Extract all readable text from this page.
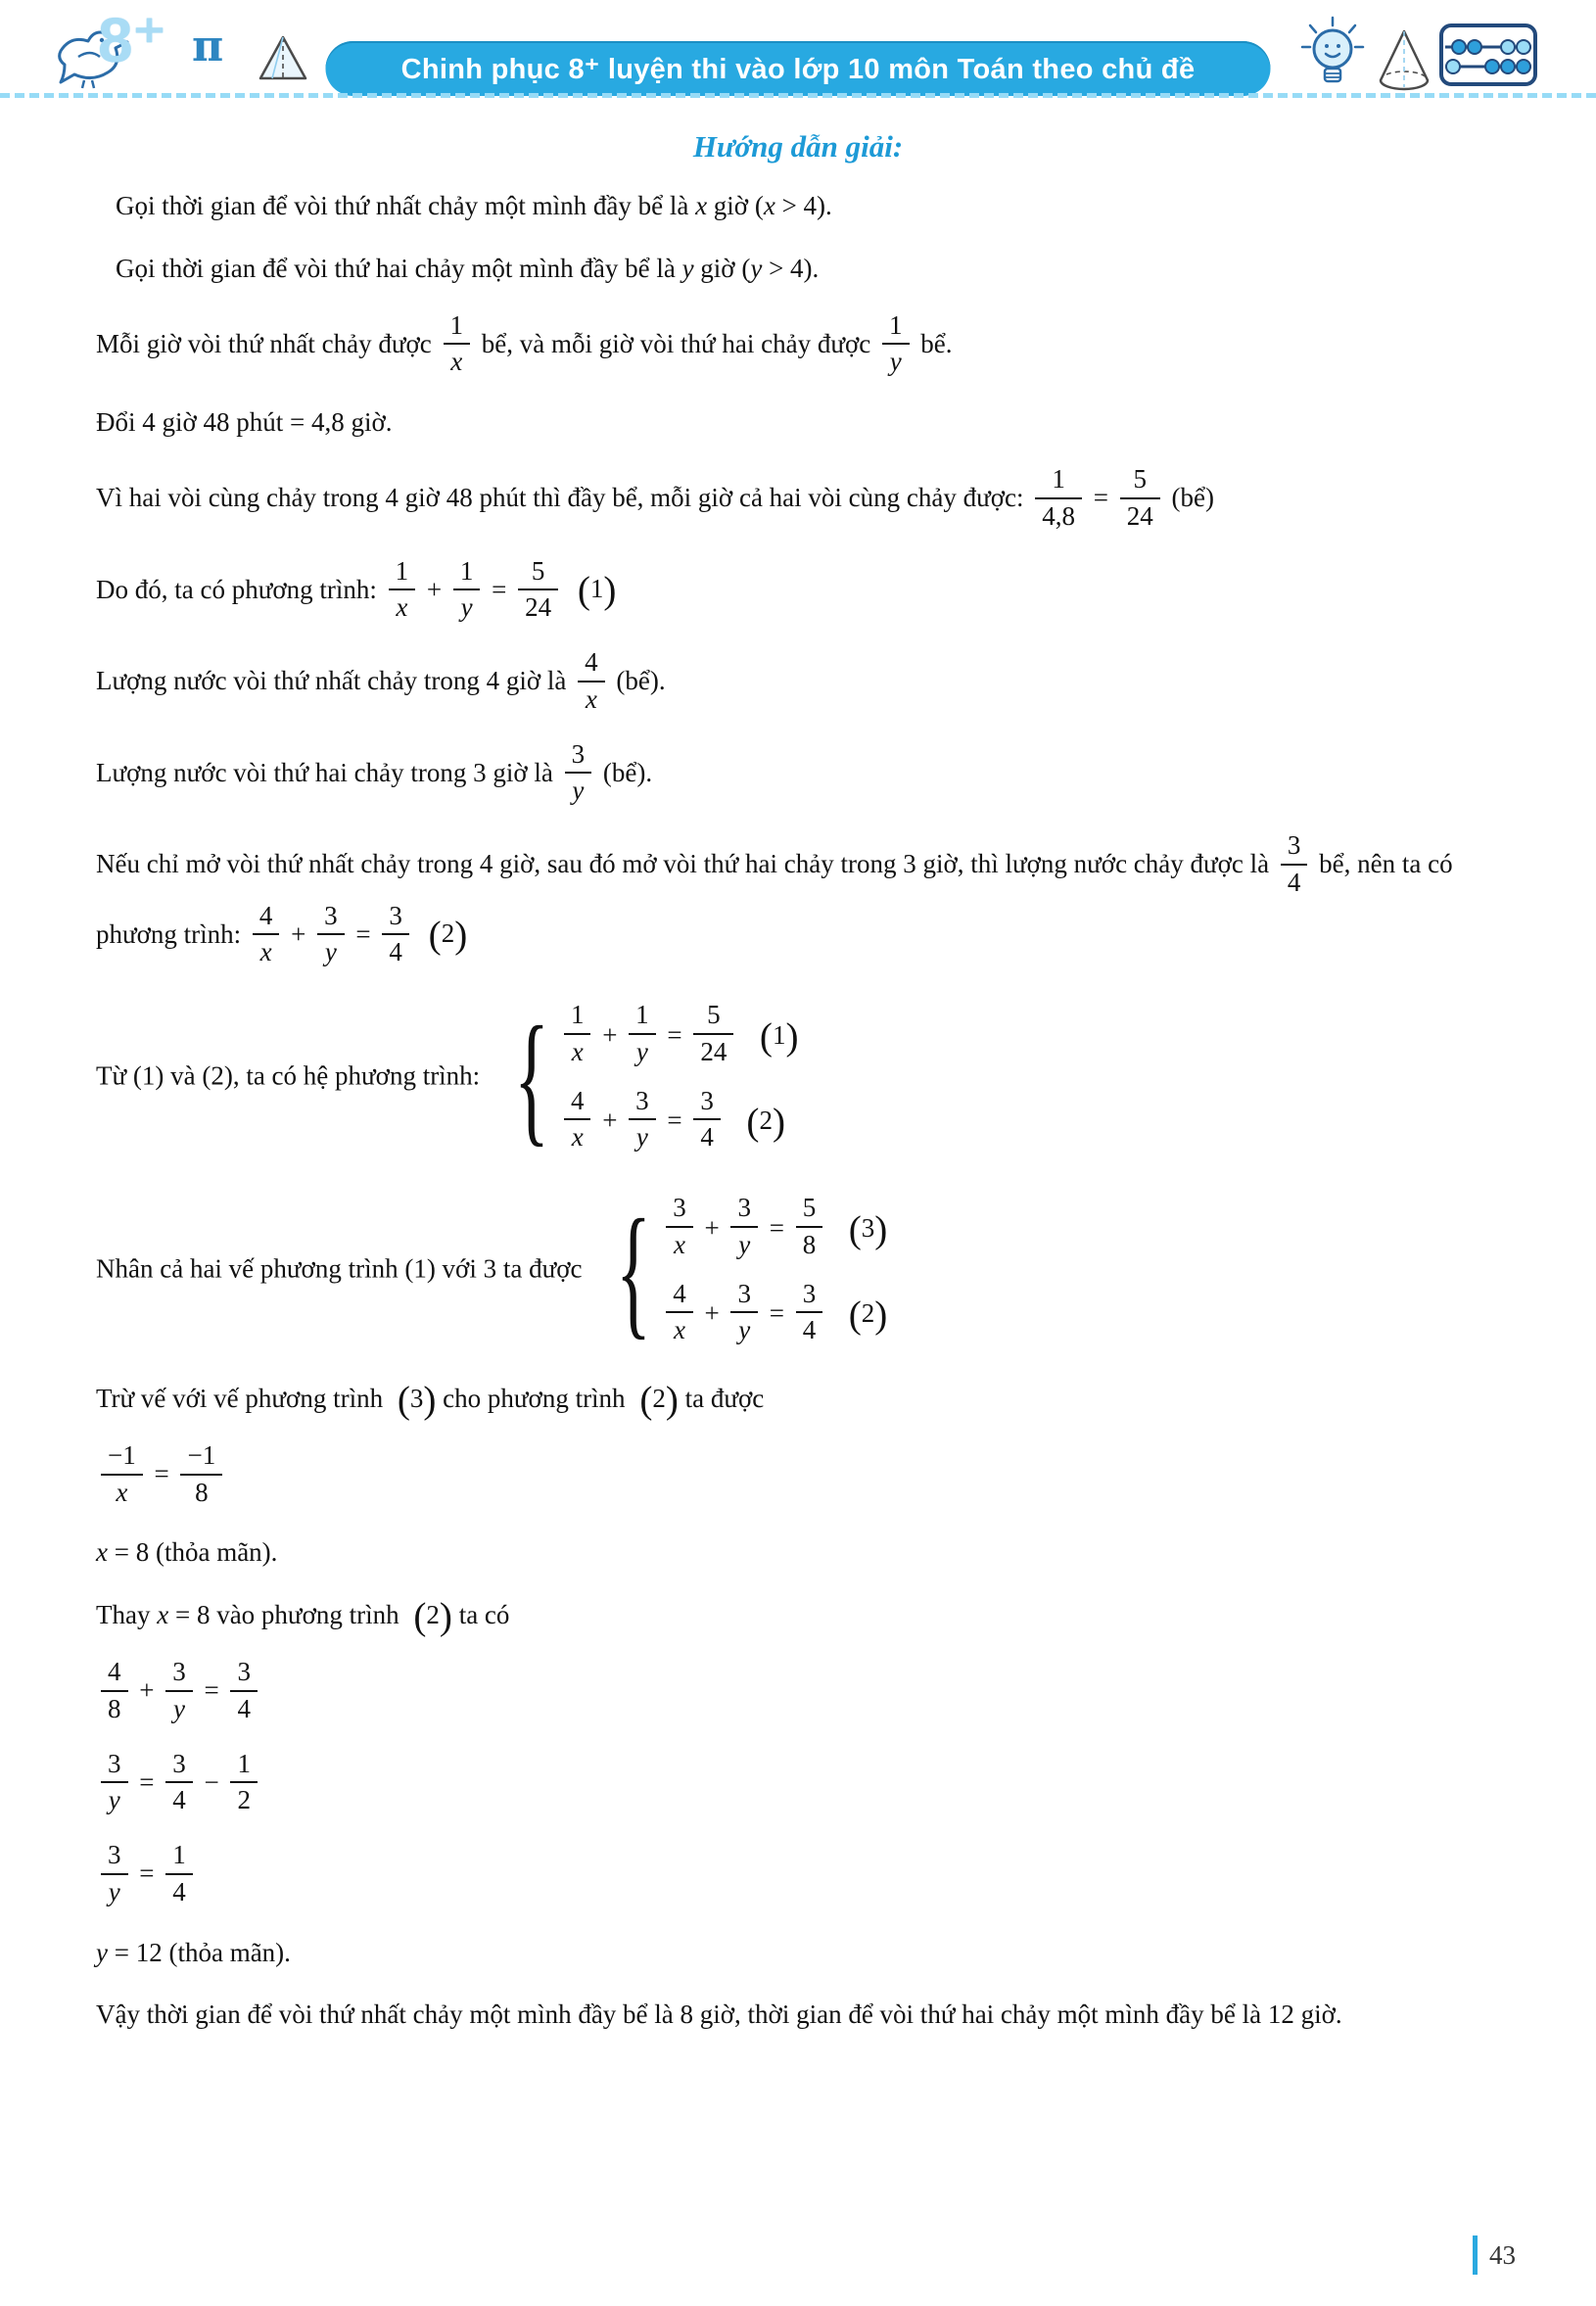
8⁺ π	Chinh phục 8⁺ luyện thi vào lớp 10 môn Toán theo chủ đề
Hướng dẫn giải:
Gọi thời gian để vòi thứ nhất chảy một mình đầy bể là x giờ (x > 4).
Gọi thời gian để vòi thứ hai chảy một mình đầy bể là y giờ (y > 4).
Mỗi giờ vòi thứ nhất chảy được $\frac{1}{x}$ bể, và mỗi giờ vòi thứ hai chảy được $\frac{1}{y}$ bể.
Đổi 4 giờ 48 phút = 4,8 giờ.
Vì hai vòi cùng chảy trong 4 giờ 48 phút thì đầy bể, mỗi giờ cả hai vòi cùng chảy được: $\frac{1}{4,8} = \frac{5}{24}$ (bể)
Do đó, ta có phương trình: $\frac{1}{x} + \frac{1}{y} = \frac{5}{24} (1)$
Lượng nước vòi thứ nhất chảy trong 4 giờ là $\frac{4}{x}$ (bể).
Lượng nước vòi thứ hai chảy trong 3 giờ là $\frac{3}{y}$ (bể).
Nếu chỉ mở vòi thứ nhất chảy trong 4 giờ, sau đó mở vòi thứ hai chảy trong 3 giờ, thì lượng nước chảy được là $\frac{3}{4}$ bể, nên ta có phương trình: $\frac{4}{x} + \frac{3}{y} = \frac{3}{4} (2)$
Từ (1) và (2), ta có hệ phương trình: { $\frac{1}{x} + \frac{1}{y} = \frac{5}{24}$
(1)
$\frac{4}{x} + \frac{3}{y} = \frac{3}{4}$
(2)
Nhân cả hai vế phương trình (1) với 3 ta được { $\frac{3}{x} + \frac{3}{y} = \frac{5}{8}$
(3)
$\frac{4}{x} + \frac{3}{y} = \frac{3}{4}$
(2)
Trừ vế với vế phương trình (3) cho phương trình (2) ta được
$\frac{-1}{x} = \frac{-1}{8}$
x = 8 (thỏa mãn).
Thay x = 8 vào phương trình (2) ta có
$\frac{4}{8} + \frac{3}{y} = \frac{3}{4}$
$\frac{3}{y} = \frac{3}{4} - \frac{1}{2}$
$\frac{3}{y} = \frac{1}{4}$
y = 12 (thỏa mãn).
Vậy thời gian để vòi thứ nhất chảy một mình đầy bể là 8 giờ, thời gian để vòi thứ hai chảy một mình đầy bể là 12 giờ.
43
